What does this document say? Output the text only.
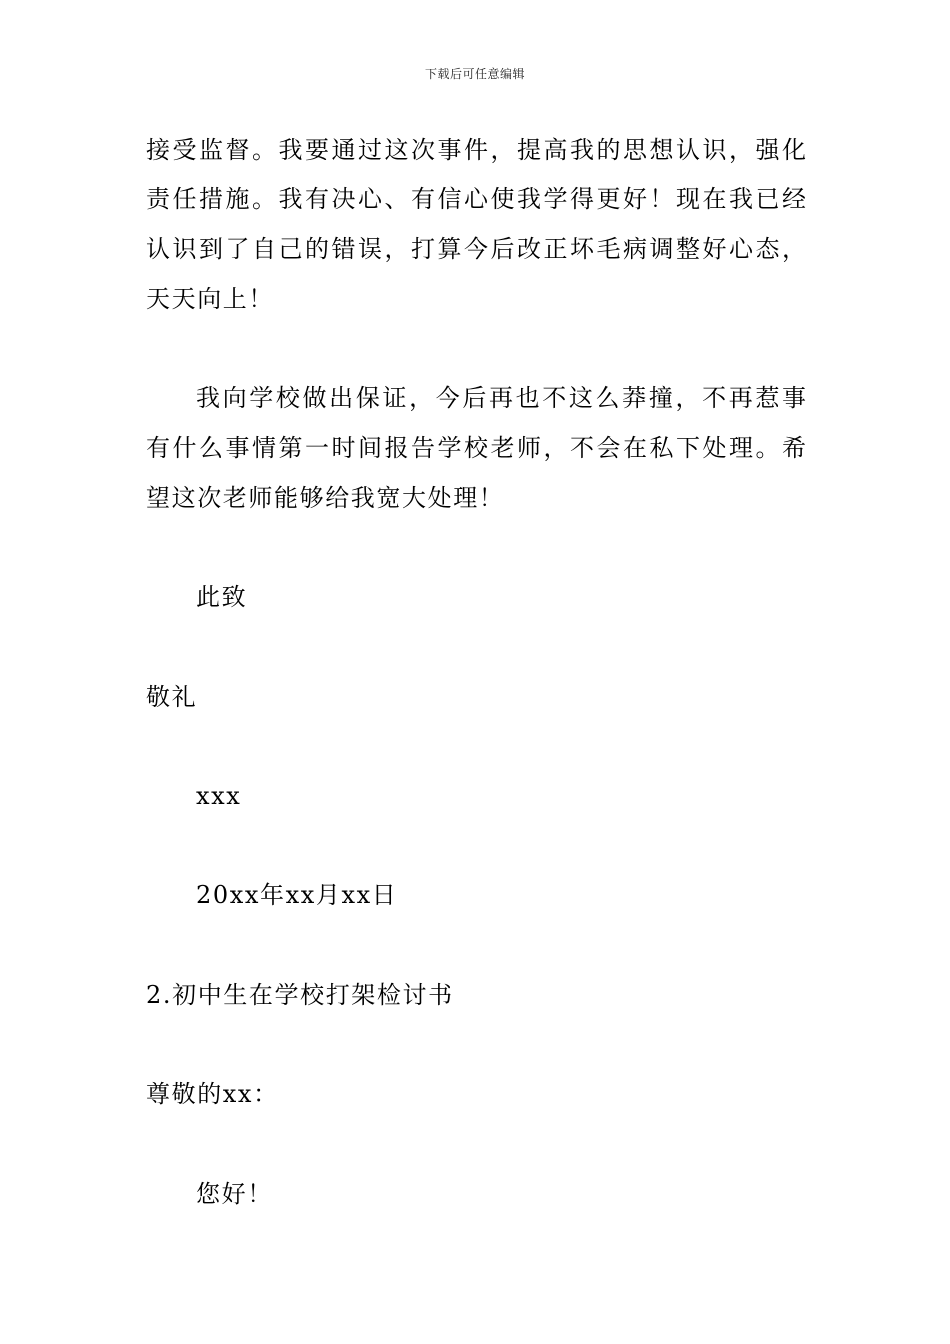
下载后可任意编辑
接受监督。我要通过这次事件，提高我的思想认识，强化
责任措施。我有决心、有信心使我学得更好！现在我已经
认识到了自己的错误，打算今后改正坏毛病调整好心态，
天天向上！
我向学校做出保证，今后再也不这么莽撞，不再惹事
有什么事情第一时间报告学校老师，不会在私下处理。希
望这次老师能够给我宽大处理！
此致
敬礼
xxx
20xx年xx月xx日
2.初中生在学校打架检讨书
尊敬的xx：
您好！
